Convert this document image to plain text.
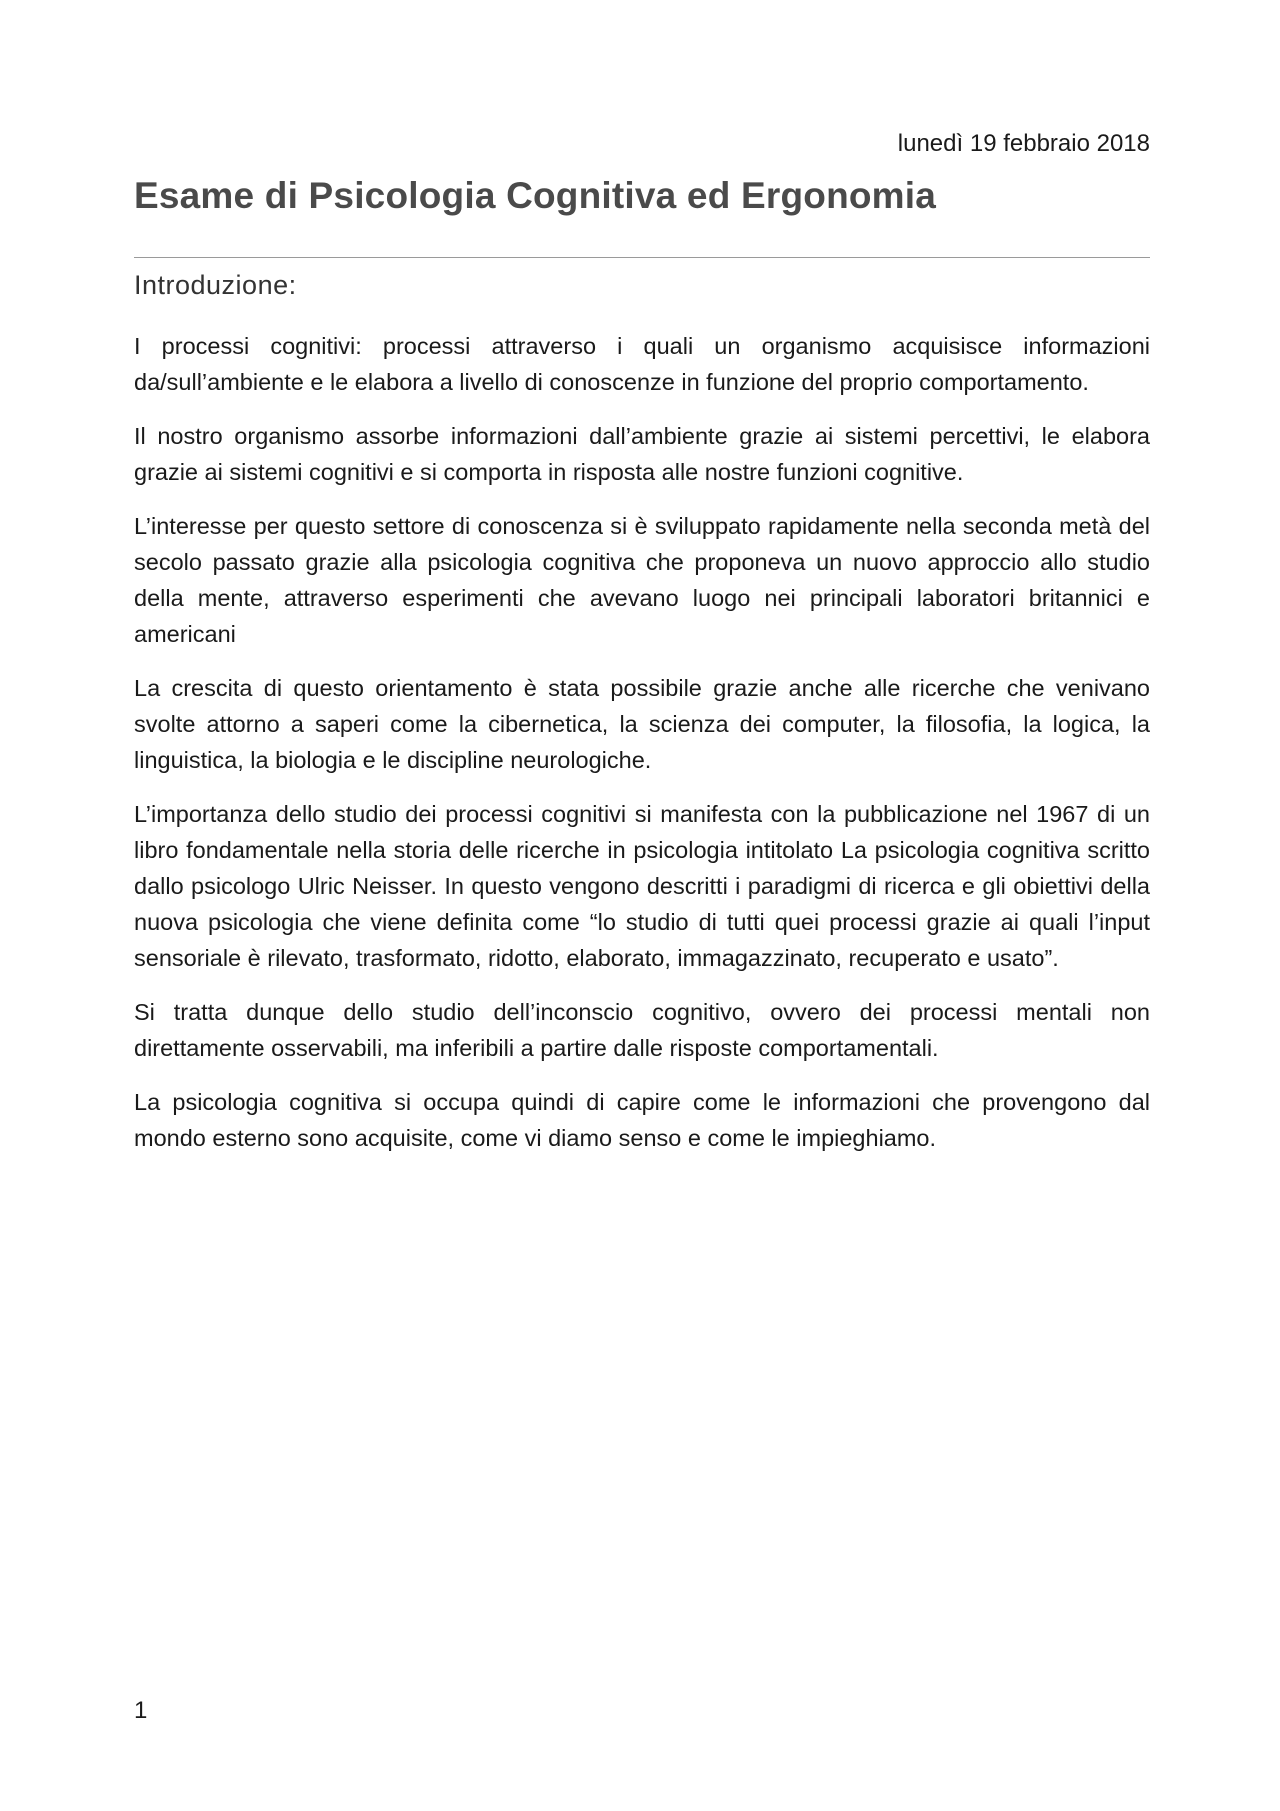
lunedì 19 febbraio 2018
Esame di Psicologia Cognitiva ed Ergonomia
Introduzione:

I processi cognitivi: processi attraverso i quali un organismo acquisisce informazioni da/sull’ambiente e le elabora a livello di conoscenze in funzione del proprio comportamento.

Il nostro organismo assorbe informazioni dall’ambiente grazie ai sistemi percettivi, le elabora grazie ai sistemi cognitivi e si comporta in risposta alle nostre funzioni cognitive.

L’interesse per questo settore di conoscenza si è sviluppato rapidamente nella seconda metà del secolo passato grazie alla psicologia cognitiva che proponeva un nuovo approccio allo studio della mente, attraverso esperimenti che avevano luogo nei principali laboratori britannici e americani

La crescita di questo orientamento è stata possibile grazie anche alle ricerche che venivano svolte attorno a saperi come la cibernetica, la scienza dei computer, la filosofia, la logica, la linguistica, la biologia e le discipline neurologiche.

L’importanza dello studio dei processi cognitivi si manifesta con la pubblicazione nel 1967 di un libro fondamentale nella storia delle ricerche in psicologia intitolato La psicologia cognitiva scritto dallo psicologo Ulric Neisser. In questo vengono descritti i paradigmi di ricerca e gli obiettivi della nuova psicologia che viene definita come “lo studio di tutti quei processi grazie ai quali l’input sensoriale è rilevato, trasformato, ridotto, elaborato, immagazzinato, recuperato e usato”.

Si tratta dunque dello studio dell’inconscio cognitivo, ovvero dei processi mentali non direttamente osservabili, ma inferibili a partire dalle risposte comportamentali.

La psicologia cognitiva si occupa quindi di capire come le informazioni che provengono dal mondo esterno sono acquisite, come vi diamo senso e come le impieghiamo.

1
